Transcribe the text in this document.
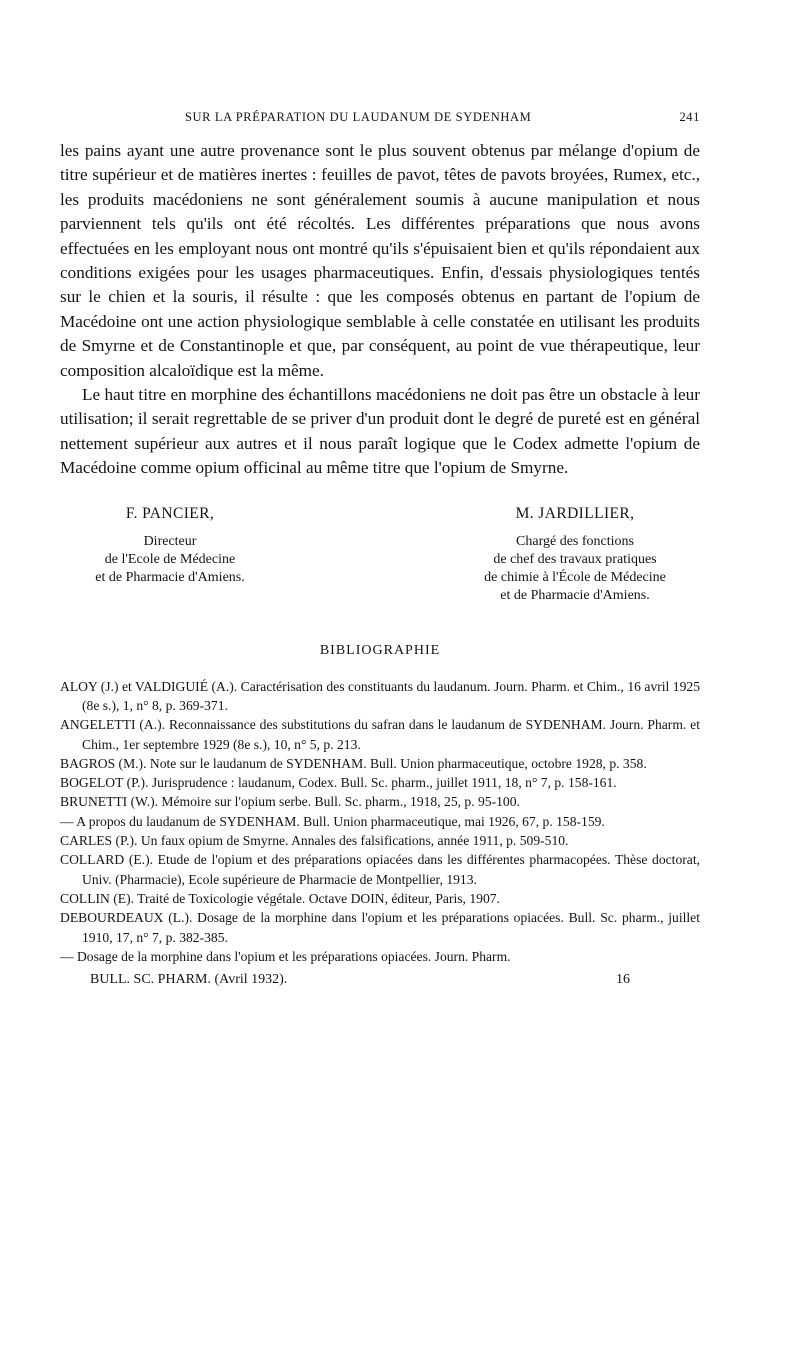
SUR LA PRÉPARATION DU LAUDANUM DE SYDENHAM	241

les pains ayant une autre provenance sont le plus souvent obtenus par mélange d'opium de titre supérieur et de matières inertes : feuilles de pavot, têtes de pavots broyées, Rumex, etc., les produits macédoniens ne sont généralement soumis à aucune manipulation et nous parviennent tels qu'ils ont été récoltés. Les différentes préparations que nous avons effectuées en les employant nous ont montré qu'ils s'épuisaient bien et qu'ils répondaient aux conditions exigées pour les usages pharmaceutiques. Enfin, d'essais physiologiques tentés sur le chien et la souris, il résulte : que les composés obtenus en partant de l'opium de Macédoine ont une action physiologique semblable à celle constatée en utilisant les produits de Smyrne et de Constantinople et que, par conséquent, au point de vue thérapeutique, leur composition alcaloïdique est la même.

Le haut titre en morphine des échantillons macédoniens ne doit pas être un obstacle à leur utilisation; il serait regrettable de se priver d'un produit dont le degré de pureté est en général nettement supérieur aux autres et il nous paraît logique que le Codex admette l'opium de Macédoine comme opium officinal au même titre que l'opium de Smyrne.

F. PANCIER,
Directeur
de l'Ecole de Médecine
et de Pharmacie d'Amiens.
M. JARDILLIER,
Chargé des fonctions
de chef des travaux pratiques
de chimie à l'École de Médecine
et de Pharmacie d'Amiens.
BIBLIOGRAPHIE

ALOY (J.) et VALDIGUIÉ (A.). Caractérisation des constituants du laudanum. Journ. Pharm. et Chim., 16 avril 1925 (8e s.), 1, n° 8, p. 369-371.

ANGELETTI (A.). Reconnaissance des substitutions du safran dans le laudanum de SYDENHAM. Journ. Pharm. et Chim., 1er septembre 1929 (8e s.), 10, n° 5, p. 213.

BAGROS (M.). Note sur le laudanum de SYDENHAM. Bull. Union pharmaceutique, octobre 1928, p. 358.

BOGELOT (P.). Jurisprudence : laudanum, Codex. Bull. Sc. pharm., juillet 1911, 18, n° 7, p. 158-161.

BRUNETTI (W.). Mémoire sur l'opium serbe. Bull. Sc. pharm., 1918, 25, p. 95-100.

— A propos du laudanum de SYDENHAM. Bull. Union pharmaceutique, mai 1926, 67, p. 158-159.

CARLES (P.). Un faux opium de Smyrne. Annales des falsifications, année 1911, p. 509-510.

COLLARD (E.). Etude de l'opium et des préparations opiacées dans les différentes pharmacopées. Thèse doctorat, Univ. (Pharmacie), Ecole supérieure de Pharmacie de Montpellier, 1913.

COLLIN (E). Traité de Toxicologie végétale. Octave DOIN, éditeur, Paris, 1907.

DEBOURDEAUX (L.). Dosage de la morphine dans l'opium et les préparations opiacées. Bull. Sc. pharm., juillet 1910, 17, n° 7, p. 382-385.

— Dosage de la morphine dans l'opium et les préparations opiacées. Journ. Pharm.

BULL. SC. PHARM. (Avril 1932).	16
